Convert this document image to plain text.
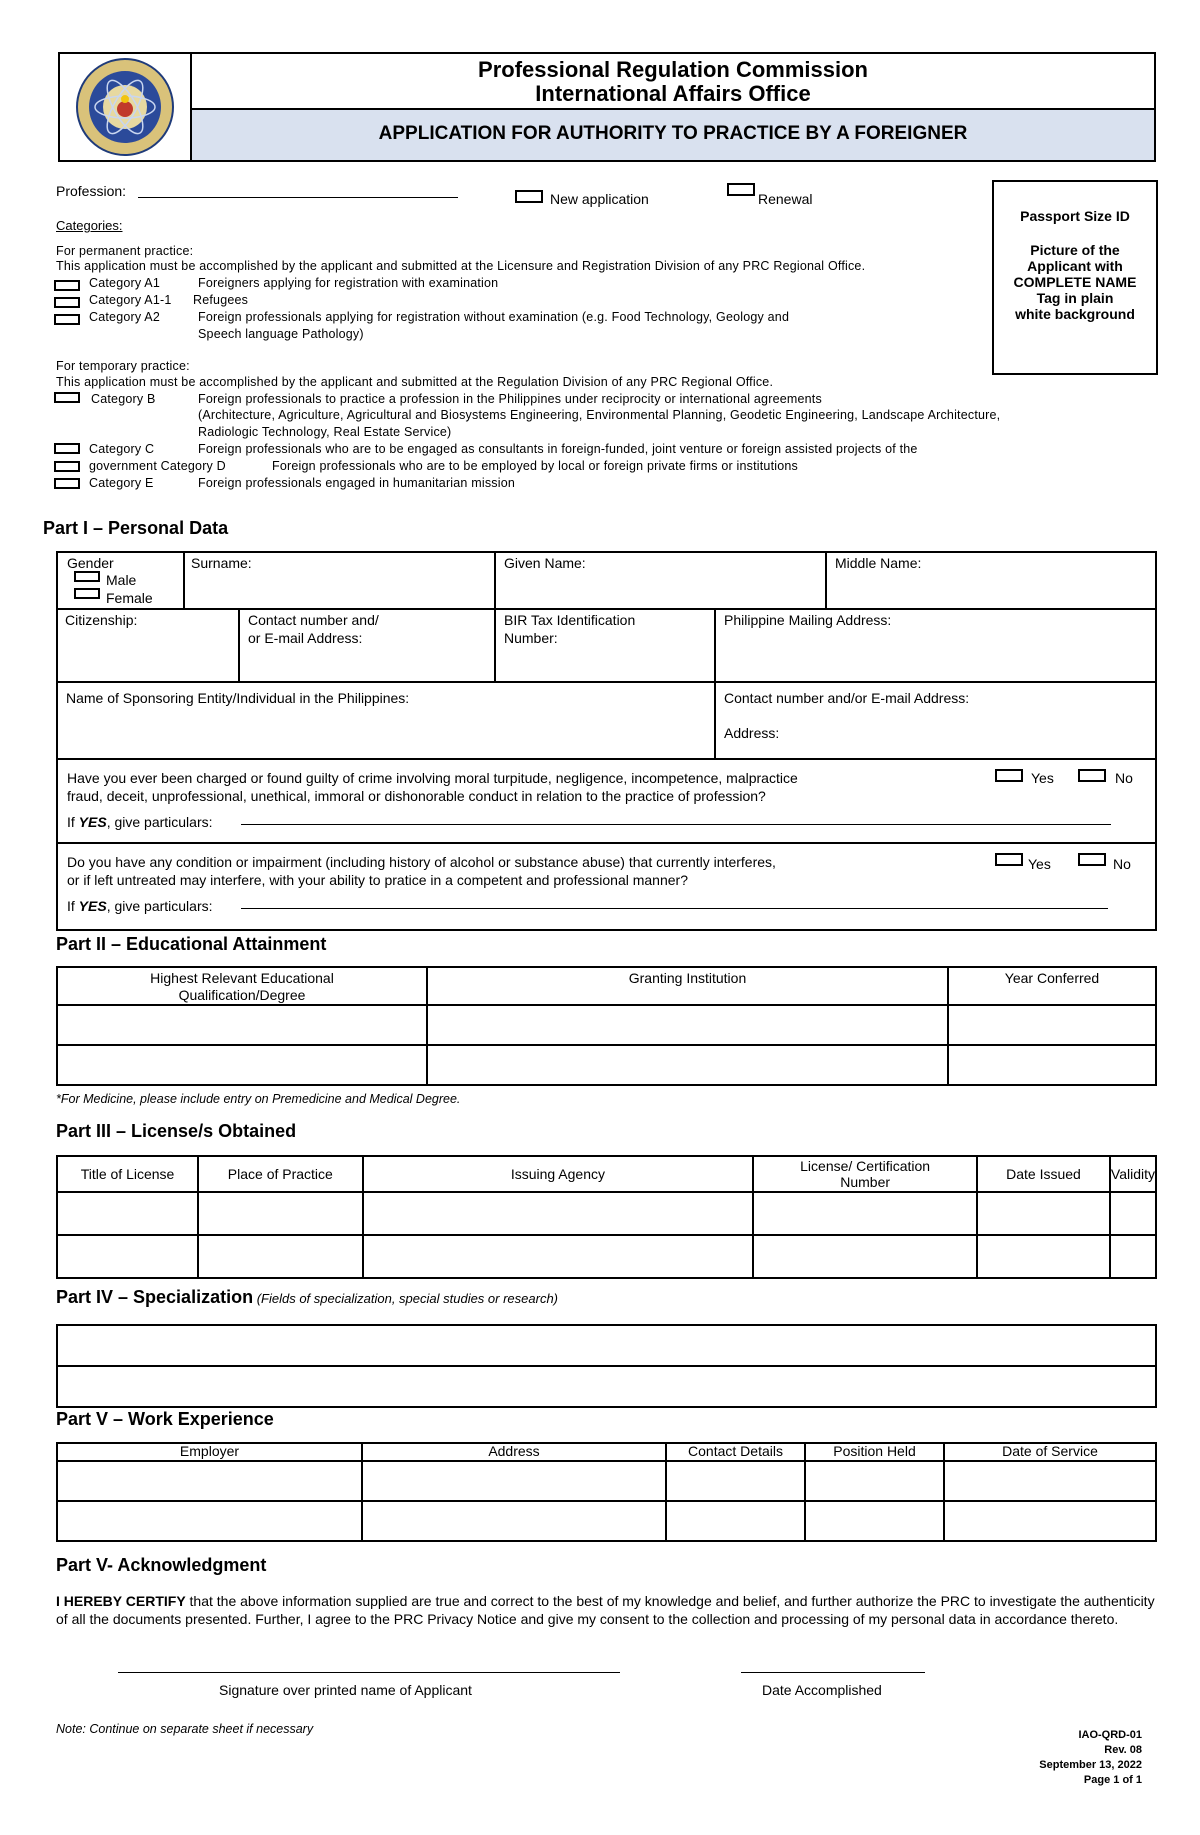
Professional Regulation Commission
International Affairs Office
APPLICATION FOR AUTHORITY TO PRACTICE BY A FOREIGNER
Profession:	New application	Renewal
Passport Size ID
Picture of the
Applicant with
COMPLETE NAME
Tag in plain
white background
Categories:
For permanent practice:
This application must be accomplished by the applicant and submitted at the Licensure and Registration Division of any PRC Regional Office.
Category A1	Foreigners applying for registration with examination
Category A1-1 Refugees
Category A2	Foreign professionals applying for registration without examination (e.g. Food Technology, Geology and
Speech language Pathology)
For temporary practice:
This application must be accomplished by the applicant and submitted at the Regulation Division of any PRC Regional Office.
Category B	Foreign professionals to practice a profession in the Philippines under reciprocity or international agreements
(Architecture, Agriculture, Agricultural and Biosystems Engineering, Environmental Planning, Geodetic Engineering, Landscape Architecture,
Radiologic Technology, Real Estate Service)
Category C	Foreign professionals who are to be engaged as consultants in foreign-funded, joint venture or foreign assisted projects of the
government Category D	Foreign professionals who are to be employed by local or foreign private firms or institutions
Category E	Foreign professionals engaged in humanitarian mission
Part I – Personal Data
Gender
Male
Female
Surname:	Given Name:	Middle Name:
Citizenship:	Contact number and/
or E-mail Address:
BIR Tax Identification
Number:
Philippine Mailing Address:
Name of Sponsoring Entity/Individual in the Philippines:	Contact number and/or E-mail Address:
Address:
Have you ever been charged or found guilty of crime involving moral turpitude, negligence, incompetence, malpractice
fraud, deceit, unprofessional, unethical, immoral or dishonorable conduct in relation to the practice of profession?
If YES, give particulars:
Yes	No
Do you have any condition or impairment (including history of alcohol or substance abuse) that currently interferes,
or if left untreated may interfere, with your ability to pratice in a competent and professional manner?
If YES, give particulars:
Yes	No
Part II – Educational Attainment
Highest Relevant Educational
Qualification/Degree	Granting Institution	Year Conferred

*For Medicine, please include entry on Premedicine and Medical Degree.
Part III – License/s Obtained
Title of License	Place of Practice	Issuing Agency	License/ Certification Number	Date Issued	Validity

Part IV – Specialization (Fields of specialization, special studies or research)

Part V – Work Experience
Employer	Address	Contact Details	Position Held	Date of Service

Part V- Acknowledgment

I HEREBY CERTIFY that the above information supplied are true and correct to the best of my knowledge and belief, and further authorize the PRC to investigate the authenticity of all the documents presented. Further, I agree to the PRC Privacy Notice and give my consent to the collection and processing of my personal data in accordance thereto.

Signature over printed name of Applicant	Date Accomplished
Note: Continue on separate sheet if necessary	IAO-QRD-01
Rev. 08
September 13, 2022
Page 1 of 1
